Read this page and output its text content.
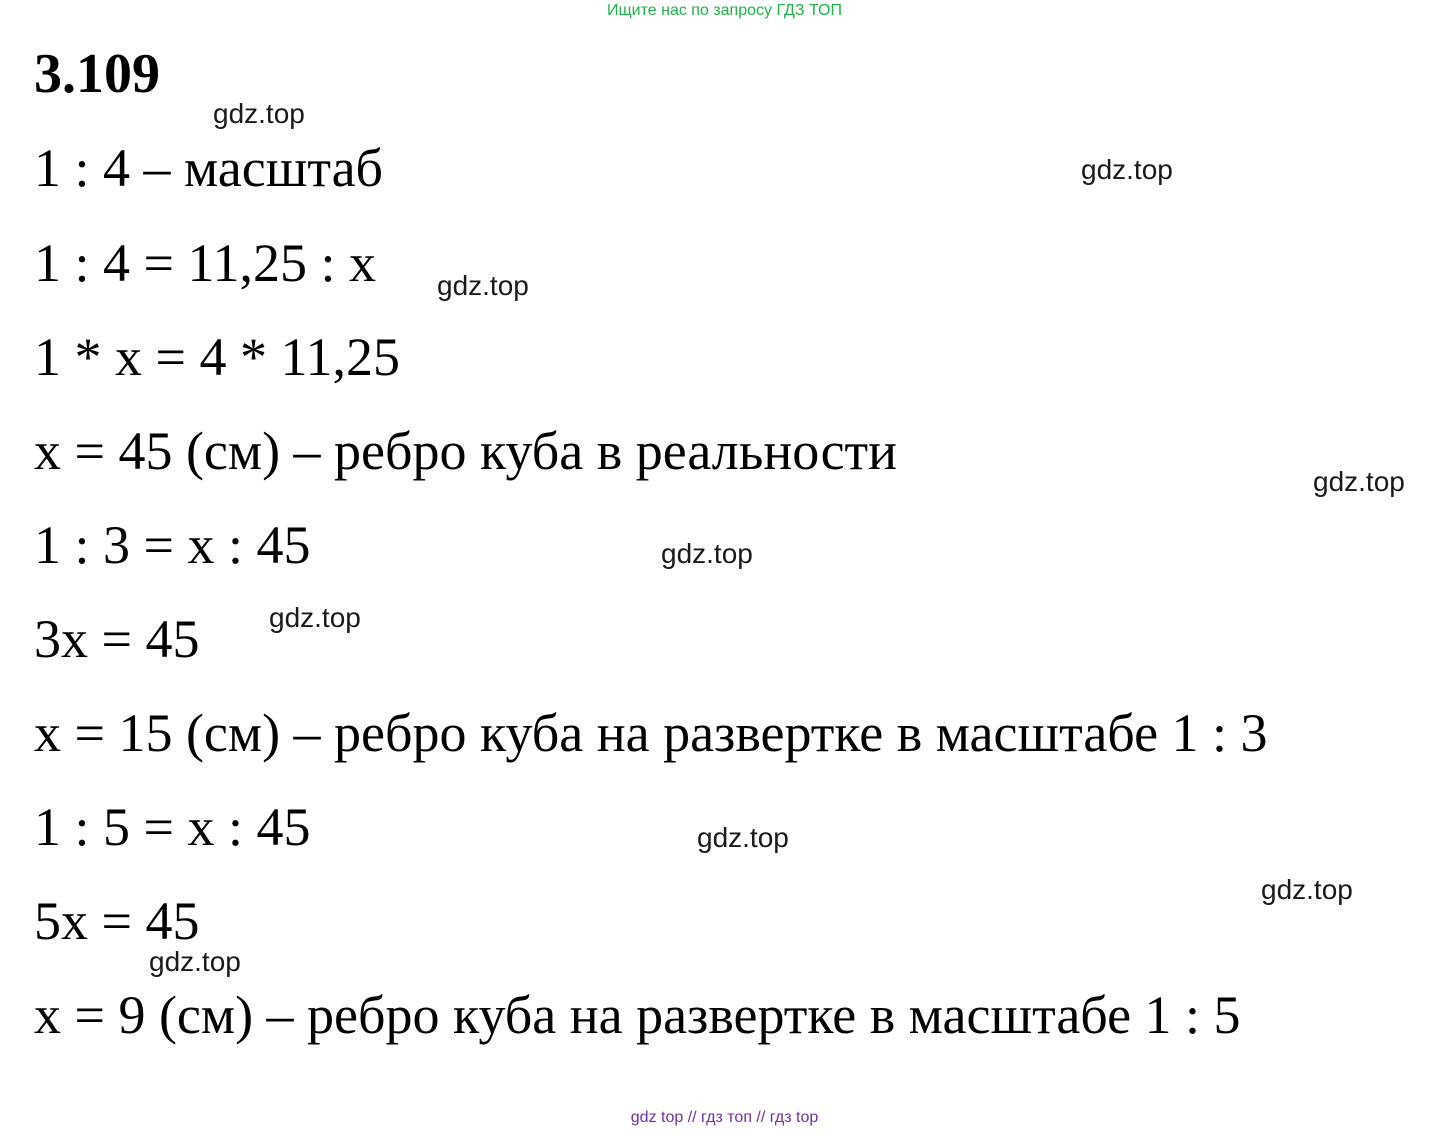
Ищите нас по запросу ГДЗ ТОП
3.109
1 : 4 – масштаб
1 : 4 = 11,25 : x
1 * x = 4 * 11,25
x = 45 (см) – ребро куба в реальности
1 : 3 = x : 45
3x = 45
x = 15 (см) – ребро куба на развертке в масштабе 1 : 3
1 : 5 = x : 45
5x = 45
x = 9 (см) – ребро куба на развертке в масштабе 1 : 5
gdz.top
gdz.top
gdz.top
gdz.top
gdz.top
gdz.top
gdz.top
gdz.top
gdz.top
gdz top // гдз топ // гдз top
